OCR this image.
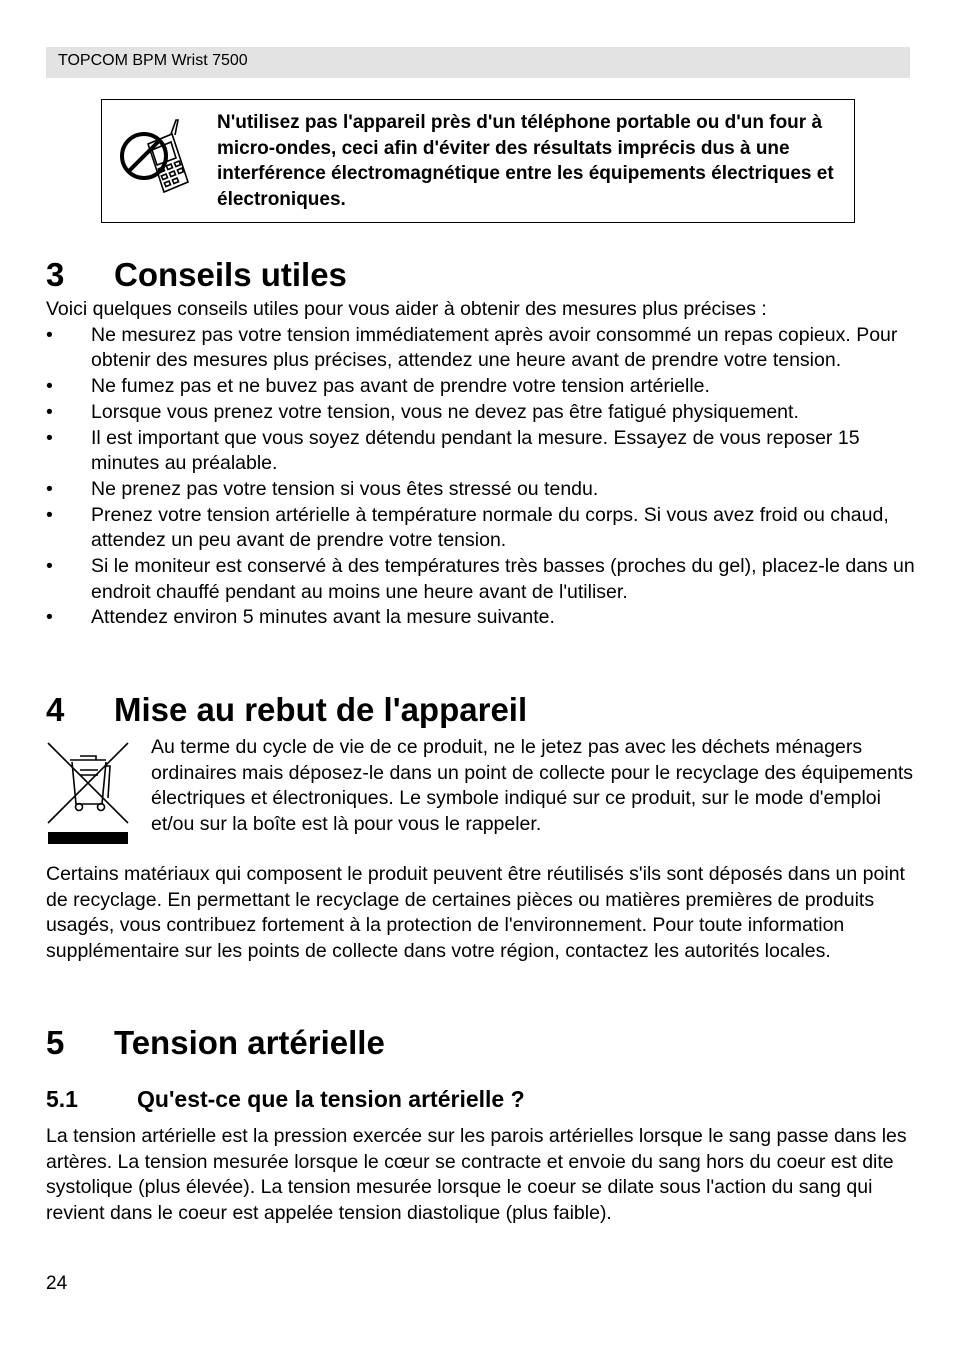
TOPCOM BPM Wrist 7500
N'utilisez pas l'appareil près d'un téléphone portable ou d'un four à micro-ondes, ceci afin d'éviter des résultats imprécis dus à une interférence électromagnétique entre les équipements électriques et électroniques.
3 Conseils utiles
Voici quelques conseils utiles pour vous aider à obtenir des mesures plus précises :
• Ne mesurez pas votre tension immédiatement après avoir consommé un repas copieux. Pour obtenir des mesures plus précises, attendez une heure avant de prendre votre tension.
• Ne fumez pas et ne buvez pas avant de prendre votre tension artérielle.
• Lorsque vous prenez votre tension, vous ne devez pas être fatigué physiquement.
• Il est important que vous soyez détendu pendant la mesure. Essayez de vous reposer 15 minutes au préalable.
• Ne prenez pas votre tension si vous êtes stressé ou tendu.
• Prenez votre tension artérielle à température normale du corps. Si vous avez froid ou chaud, attendez un peu avant de prendre votre tension.
• Si le moniteur est conservé à des températures très basses (proches du gel), placez-le dans un endroit chauffé pendant au moins une heure avant de l'utiliser.
• Attendez environ 5 minutes avant la mesure suivante.
4 Mise au rebut de l'appareil
Au terme du cycle de vie de ce produit, ne le jetez pas avec les déchets ménagers ordinaires mais déposez-le dans un point de collecte pour le recyclage des équipements électriques et électroniques. Le symbole indiqué sur ce produit, sur le mode d'emploi et/ou sur la boîte est là pour vous le rappeler.
Certains matériaux qui composent le produit peuvent être réutilisés s'ils sont déposés dans un point de recyclage. En permettant le recyclage de certaines pièces ou matières premières de produits usagés, vous contribuez fortement à la protection de l'environnement. Pour toute information supplémentaire sur les points de collecte dans votre région, contactez les autorités locales.
5 Tension artérielle
5.1	Qu'est-ce que la tension artérielle ?
La tension artérielle est la pression exercée sur les parois artérielles lorsque le sang passe dans les artères. La tension mesurée lorsque le cœur se contracte et envoie du sang hors du coeur est dite systolique (plus élevée). La tension mesurée lorsque le coeur se dilate sous l'action du sang qui revient dans le coeur est appelée tension diastolique (plus faible).
24
